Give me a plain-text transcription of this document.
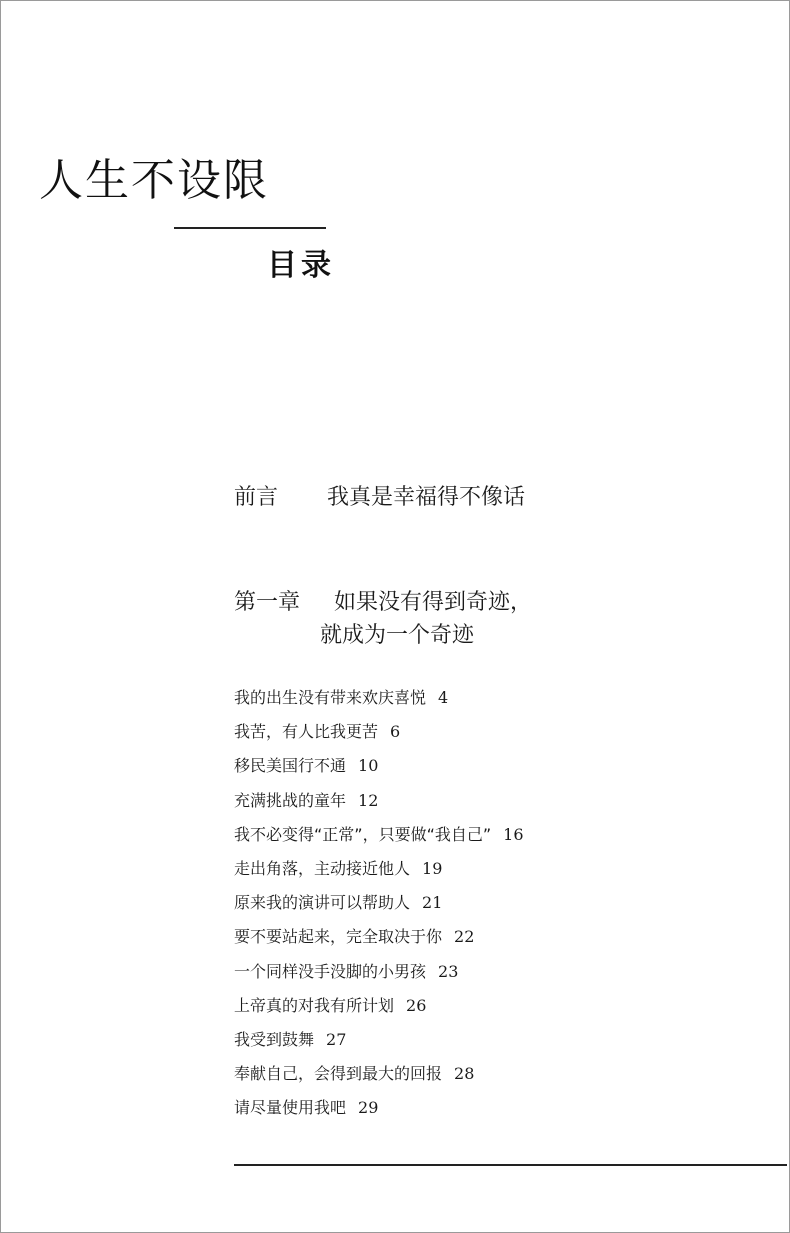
人生不设限
目录
前言 我真是幸福得不像话
第一章 如果没有得到奇迹，
就成为一个奇迹
我的出生没有带来欢庆喜悦 4
我苦，有人比我更苦 6
移民美国行不通 10
充满挑战的童年 12
我不必变得“正常”，只要做“我自己” 16
走出角落，主动接近他人 19
原来我的演讲可以帮助人 21
要不要站起来，完全取决于你 22
一个同样没手没脚的小男孩 23
上帝真的对我有所计划 26
我受到鼓舞 27
奉献自己，会得到最大的回报 28
请尽量使用我吧 29
